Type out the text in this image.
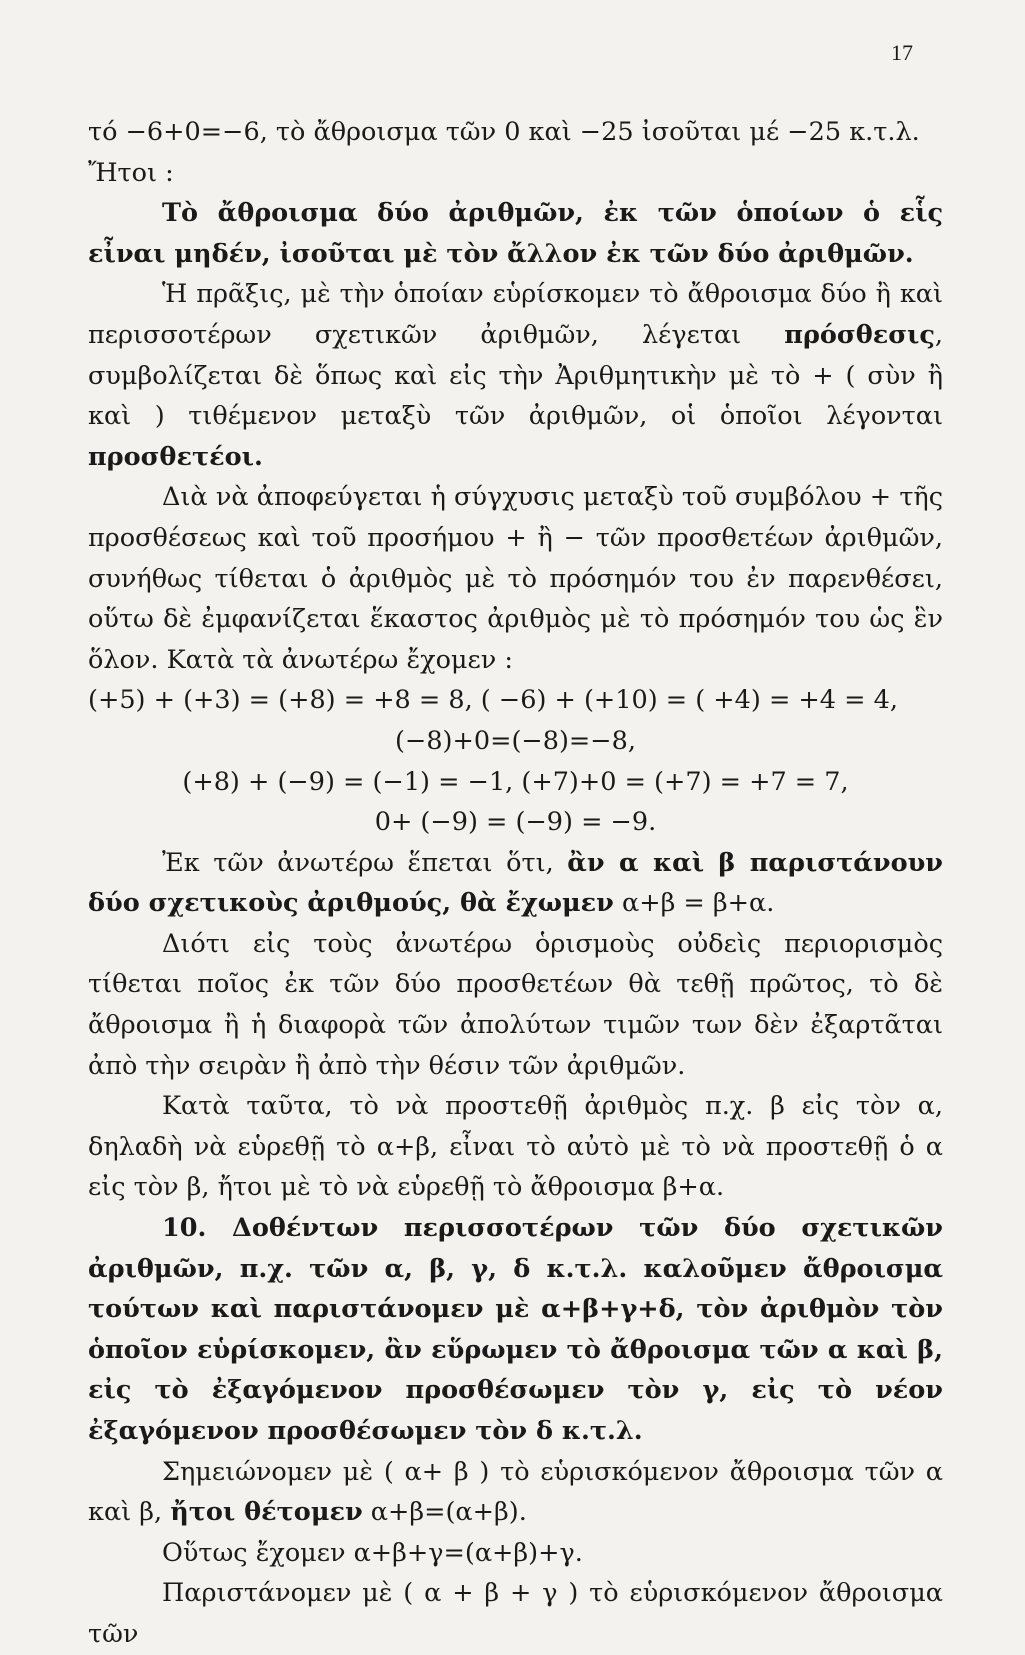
17

τό −6+0=−6, τὸ ἄθροισμα τῶν 0 καὶ −25 ἰσοῦται μέ −25 κ.τ.λ.

Ἤτοι :

Τὸ ἄθροισμα δύο ἀριθμῶν, ἐκ τῶν ὁποίων ὁ εἷς εἶναι μηδέν, ἰσοῦται μὲ τὸν ἄλλον ἐκ τῶν δύο ἀριθμῶν.

Ἡ πρᾶξις, μὲ τὴν ὁποίαν εὑρίσκομεν τὸ ἄθροισμα δύο ἢ καὶ περισσοτέρων σχετικῶν ἀριθμῶν, λέγεται πρόσθεσις, συμβολίζεται δὲ ὅπως καὶ εἰς τὴν Ἀριθμητικὴν μὲ τὸ + ( σὺν ἢ καὶ ) τιθέμενον μεταξὺ τῶν ἀριθμῶν, οἱ ὁποῖοι λέγονται προσθετέοι.

Διὰ νὰ ἀποφεύγεται ἡ σύγχυσις μεταξὺ τοῦ συμβόλου + τῆς προσθέσεως καὶ τοῦ προσήμου + ἢ − τῶν προσθετέων ἀριθμῶν, συνήθως τίθεται ὁ ἀριθμὸς μὲ τὸ πρόσημόν του ἐν παρενθέσει, οὕτω δὲ ἐμφανίζεται ἕκαστος ἀριθμὸς μὲ τὸ πρόσημόν του ὡς ἓν ὅλον. Κατὰ τὰ ἀνωτέρω ἔχομεν :

(+5) + (+3) = (+8) = +8 = 8, ( −6) + (+10) = ( +4) = +4 = 4,

(−8)+0=(−8)=−8,

(+8) + (−9) = (−1) = −1, (+7)+0 = (+7) = +7 = 7,

0+ (−9) = (−9) = −9.

Ἐκ τῶν ἀνωτέρω ἕπεται ὅτι, ἂν α καὶ β παριστάνουν δύο σχετικοὺς ἀριθμούς, θὰ ἔχωμεν α+β = β+α.

Διότι εἰς τοὺς ἀνωτέρω ὁρισμοὺς οὐδεὶς περιορισμὸς τίθεται ποῖος ἐκ τῶν δύο προσθετέων θὰ τεθῇ πρῶτος, τὸ δὲ ἄθροισμα ἢ ἡ διαφορὰ τῶν ἀπολύτων τιμῶν των δὲν ἐξαρτᾶται ἀπὸ τὴν σειρὰν ἢ ἀπὸ τὴν θέσιν τῶν ἀριθμῶν.

Κατὰ ταῦτα, τὸ νὰ προστεθῇ ἀριθμὸς π.χ. β εἰς τὸν α, δηλαδὴ νὰ εὑρεθῇ τὸ α+β, εἶναι τὸ αὐτὸ μὲ τὸ νὰ προστεθῇ ὁ α εἰς τὸν β, ἤτοι μὲ τὸ νὰ εὑρεθῇ τὸ ἄθροισμα β+α.

10. Δοθέντων περισσοτέρων τῶν δύο σχετικῶν ἀριθμῶν, π.χ. τῶν α, β, γ, δ κ.τ.λ. καλοῦμεν ἄθροισμα τούτων καὶ παριστάνομεν μὲ α+β+γ+δ, τὸν ἀριθμὸν τὸν ὁποῖον εὑρίσκομεν, ἂν εὕρωμεν τὸ ἄθροισμα τῶν α καὶ β, εἰς τὸ ἐξαγόμενον προσθέσωμεν τὸν γ, εἰς τὸ νέον ἐξαγόμενον προσθέσωμεν τὸν δ κ.τ.λ.

Σημειώνομεν μὲ ( α+ β ) τὸ εὑρισκόμενον ἄθροισμα τῶν α καὶ β, ἤτοι θέτομεν α+β=(α+β).

Οὕτως ἔχομεν α+β+γ=(α+β)+γ.

Παριστάνομεν μὲ ( α + β + γ ) τὸ εὑρισκόμενον ἄθροισμα τῶν
